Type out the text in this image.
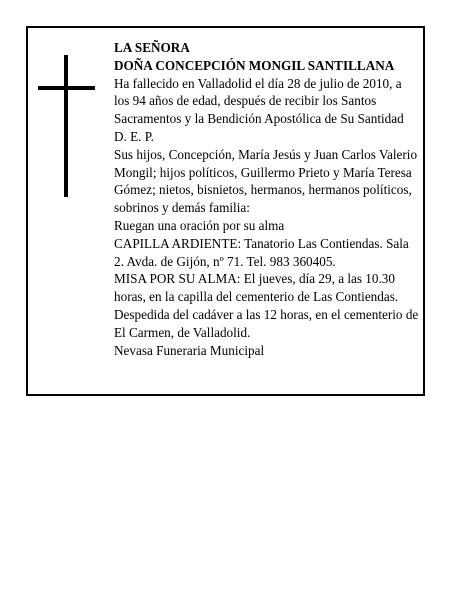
LA SEÑORA

DOÑA CONCEPCIÓN MONGIL SANTILLANA

Ha fallecido en Valladolid el día 28 de julio de 2010, a los 94 años de edad, después de recibir los Santos Sacramentos y la Bendición Apostólica de Su Santidad

D. E. P.

Sus hijos, Concepción, María Jesús y Juan Carlos Valerio Mongil; hijos políticos, Guillermo Prieto y María Teresa Gómez; nietos, bisnietos, hermanos, hermanos políticos, sobrinos y demás familia:

Ruegan una oración por su alma

CAPILLA ARDIENTE: Tanatorio Las Contiendas. Sala 2. Avda. de Gijón, nº 71. Tel. 983 360405.

MISA POR SU ALMA: El jueves, día 29, a las 10.30 horas, en la capilla del cementerio de Las Contiendas. Despedida del cadáver a las 12 horas, en el cementerio de El Carmen, de Valladolid.

Nevasa Funeraria Municipal
